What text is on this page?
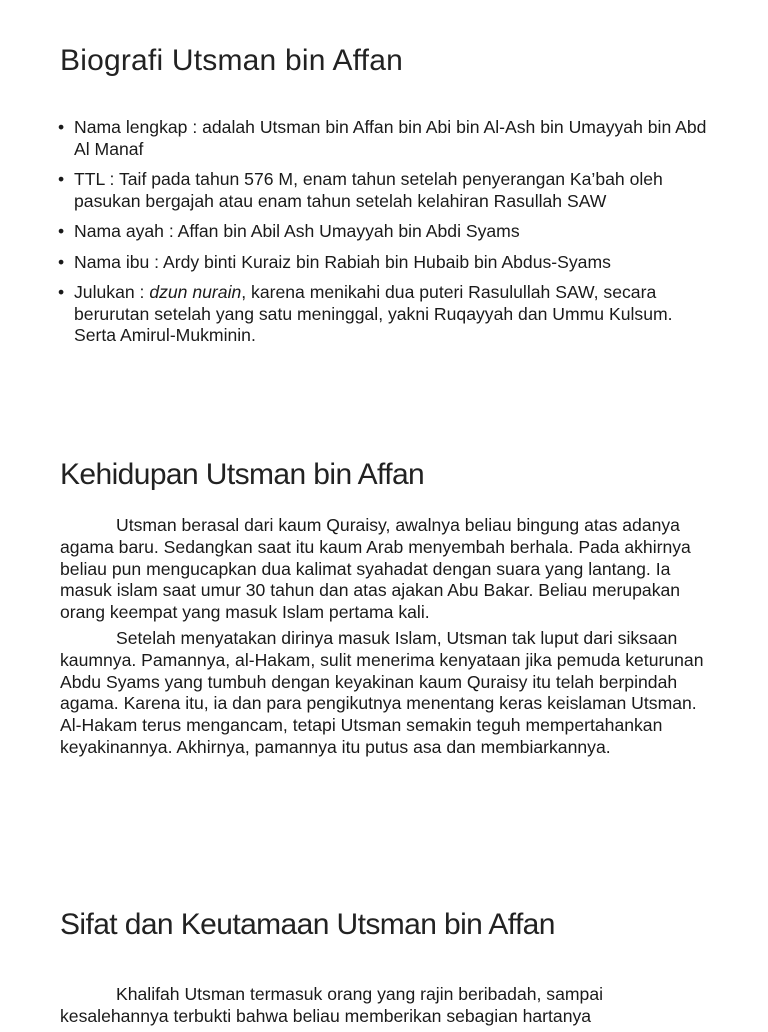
Biografi Utsman bin Affan
• Nama lengkap : adalah Utsman bin Affan bin Abi bin Al-Ash bin Umayyah bin Abd Al Manaf
• TTL : Taif pada tahun 576 M, enam tahun setelah penyerangan Ka’bah oleh pasukan bergajah atau enam tahun setelah kelahiran Rasullah SAW
• Nama ayah : Affan bin Abil Ash Umayyah bin Abdi Syams
• Nama ibu : Ardy binti Kuraiz bin Rabiah bin Hubaib bin Abdus-Syams
• Julukan : dzun nurain, karena menikahi dua puteri Rasulullah SAW, secara berurutan setelah yang satu meninggal, yakni Ruqayyah dan Ummu Kulsum. Serta Amirul-Mukminin.
Kehidupan Utsman bin Affan

Utsman berasal dari kaum Quraisy, awalnya beliau bingung atas adanya agama baru. Sedangkan saat itu kaum Arab menyembah berhala. Pada akhirnya beliau pun mengucapkan dua kalimat syahadat dengan suara yang lantang. Ia masuk islam saat umur 30 tahun dan atas ajakan Abu Bakar. Beliau merupakan orang keempat yang masuk Islam pertama kali.

Setelah menyatakan dirinya masuk Islam, Utsman tak luput dari siksaan kaumnya. Pamannya, al-Hakam, sulit menerima kenyataan jika pemuda keturunan Abdu Syams yang tumbuh dengan keyakinan kaum Quraisy itu telah berpindah agama. Karena itu, ia dan para pengikutnya menentang keras keislaman Utsman. Al-Hakam terus mengancam, tetapi Utsman semakin teguh mempertahankan keyakinannya. Akhirnya, pamannya itu putus asa dan membiarkannya.

Sifat dan Keutamaan Utsman bin Affan

Khalifah Utsman termasuk orang yang rajin beribadah, sampai kesalehannya terbukti bahwa beliau memberikan sebagian hartanya
